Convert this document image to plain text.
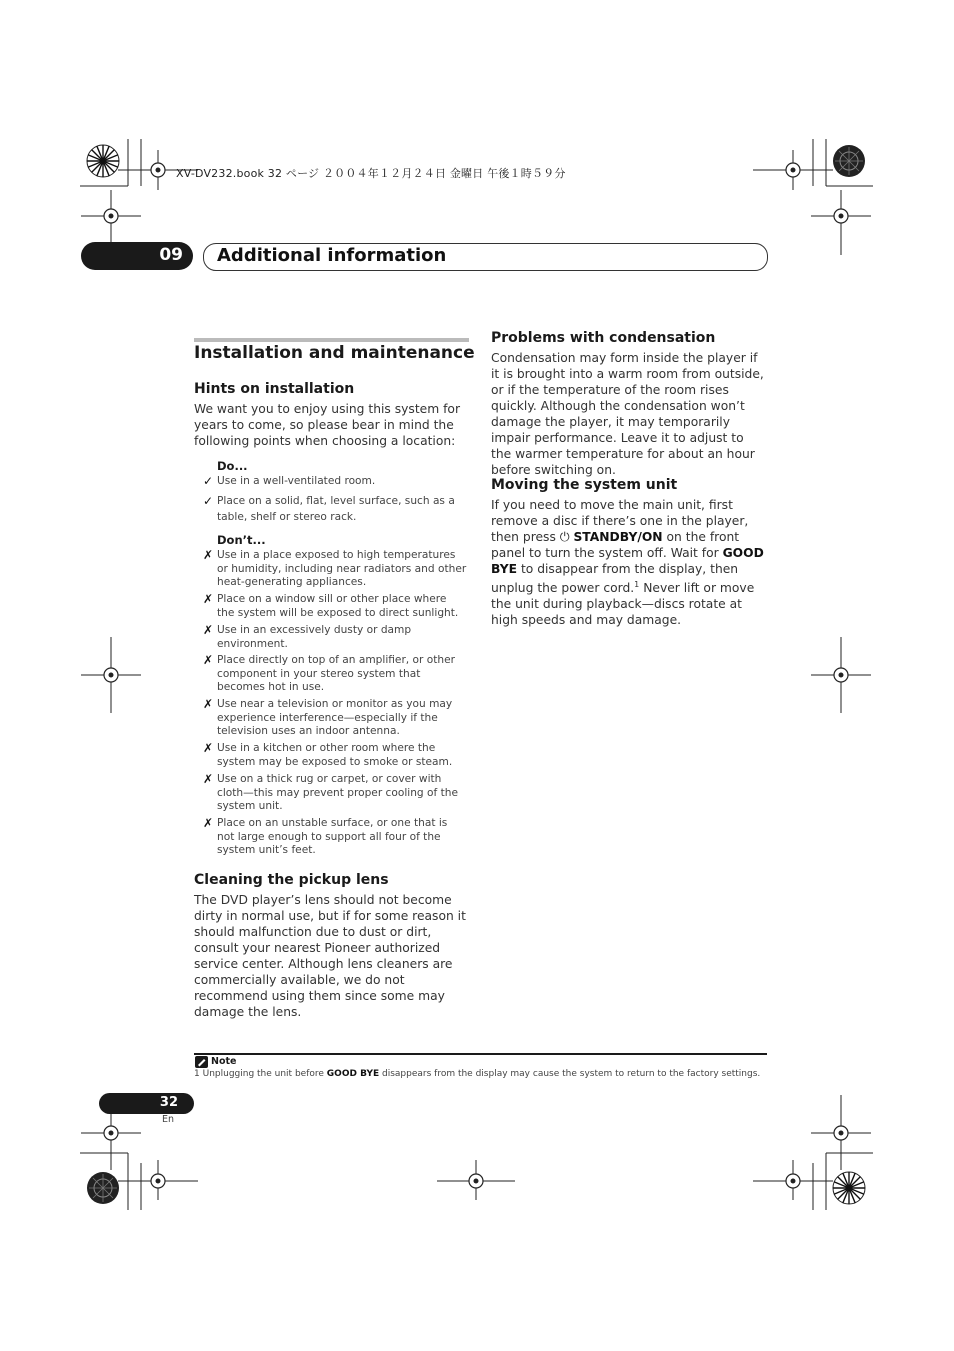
XV-DV232.book 32 ページ ２００４年１２月２４日 金曜日 午後１時５９分
09 Additional information
Installation and maintenance
Hints on installation

We want you to enjoy using this system for years to come, so please bear in mind the following points when choosing a location:

Do...
✓ Use in a well-ventilated room.
✓ Place on a solid, flat, level surface, such as a table, shelf or stereo rack.
Don’t...
✗ Use in a place exposed to high temperatures or humidity, including near radiators and other heat-generating appliances.
✗ Place on a window sill or other place where the system will be exposed to direct sunlight.
✗ Use in an excessively dusty or damp environment.
✗ Place directly on top of an amplifier, or other component in your stereo system that becomes hot in use.
✗ Use near a television or monitor as you may experience interference—especially if the television uses an indoor antenna.
✗ Use in a kitchen or other room where the system may be exposed to smoke or steam.
✗ Use on a thick rug or carpet, or cover with cloth—this may prevent proper cooling of the system unit.
✗ Place on an unstable surface, or one that is not large enough to support all four of the system unit’s feet.
Cleaning the pickup lens

The DVD player’s lens should not become dirty in normal use, but if for some reason it should malfunction due to dust or dirt, consult your nearest Pioneer authorized service center. Although lens cleaners are commercially available, we do not recommend using them since some may damage the lens.

Problems with condensation

Condensation may form inside the player if it is brought into a warm room from outside, or if the temperature of the room rises quickly. Although the condensation won’t damage the player, it may temporarily impair performance. Leave it to adjust to the warmer temperature for about an hour before switching on.

Moving the system unit

If you need to move the main unit, first remove a disc if there’s one in the player, then press ⏻ STANDBY/ON on the front panel to turn the system off. Wait for GOOD BYE to disappear from the display, then unplug the power cord.$^1$ Never lift or move the unit during playback—discs rotate at high speeds and may damage.

Note
1 Unplugging the unit before GOOD BYE disappears from the display may cause the system to return to the factory settings.
32
En
